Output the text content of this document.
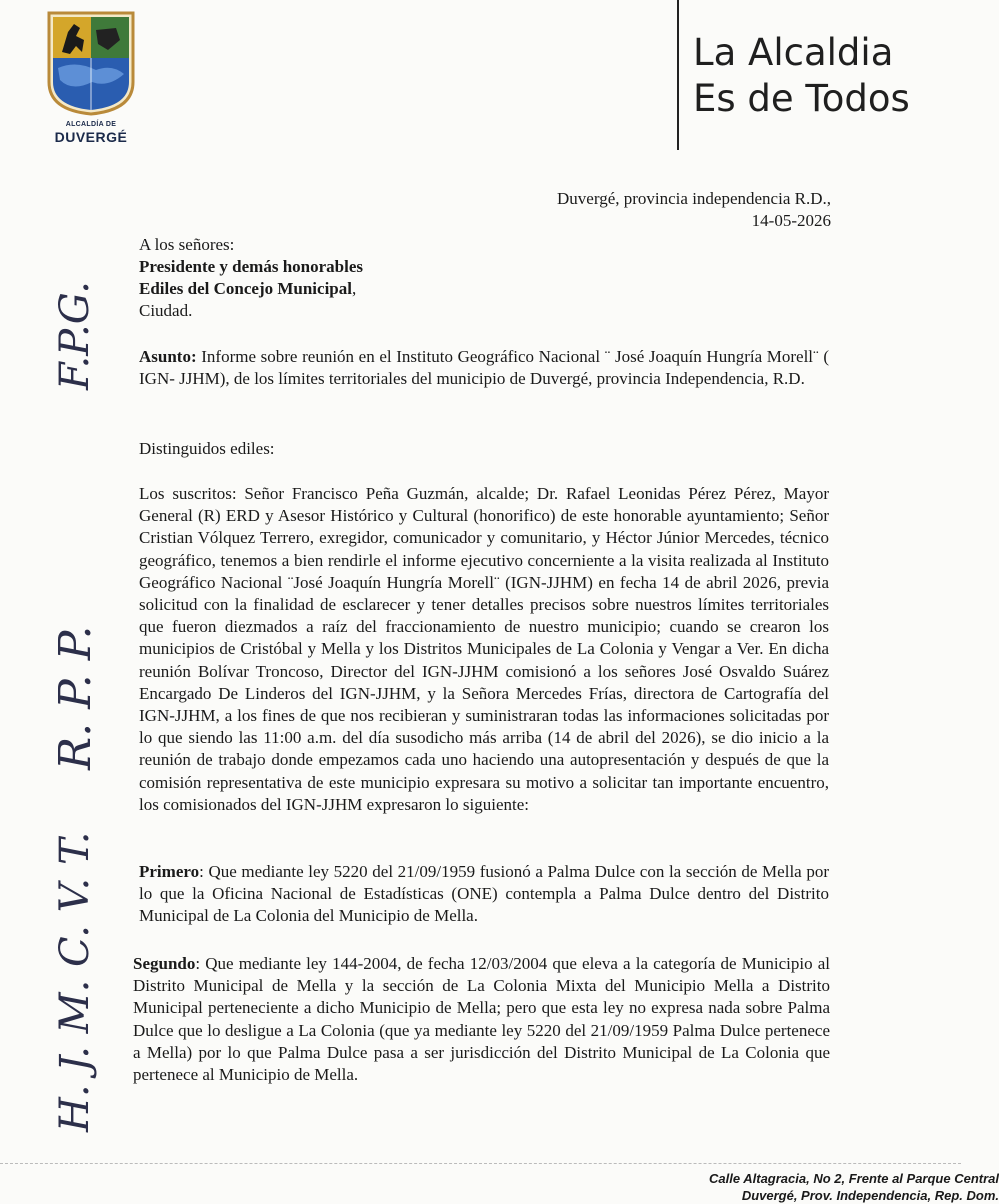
ALCALDÍA DE
DUVERGÉ
La Alcaldia
Es de Todos
Duvergé, provincia independencia R.D.,
14-05-2026
A los señores:
Presidente y demás honorables
Ediles del Concejo Municipal,
Ciudad.
Asunto: Informe sobre reunión en el Instituto Geográfico Nacional ¨ José Joaquín Hungría Morell¨ ( IGN- JJHM), de los límites territoriales del municipio de Duvergé, provincia Independencia, R.D.
Distinguidos ediles:
Los suscritos: Señor Francisco Peña Guzmán, alcalde; Dr. Rafael Leonidas Pérez Pérez, Mayor General (R) ERD y Asesor Histórico y Cultural (honorifico) de este honorable ayuntamiento; Señor Cristian Vólquez Terrero, exregidor, comunicador y comunitario, y Héctor Júnior Mercedes, técnico geográfico, tenemos a bien rendirle el informe ejecutivo concerniente a la visita realizada al Instituto Geográfico Nacional ¨José Joaquín Hungría Morell¨ (IGN-JJHM) en fecha 14 de abril 2026, previa solicitud con la finalidad de esclarecer y tener detalles precisos sobre nuestros límites territoriales que fueron diezmados a raíz del fraccionamiento de nuestro municipio; cuando se crearon los municipios de Cristóbal y Mella y los Distritos Municipales de La Colonia y Vengar a Ver. En dicha reunión Bolívar Troncoso, Director del IGN-JJHM comisionó a los señores José Osvaldo Suárez Encargado De Linderos del IGN-JJHM, y la Señora Mercedes Frías, directora de Cartografía del IGN-JJHM, a los fines de que nos recibieran y suministraran todas las informaciones solicitadas por lo que siendo las 11:00 a.m. del día susodicho más arriba (14 de abril del 2026), se dio inicio a la reunión de trabajo donde empezamos cada uno haciendo una autopresentación y después de que la comisión representativa de este municipio expresara su motivo a solicitar tan importante encuentro, los comisionados del IGN-JJHM expresaron lo siguiente:
Primero: Que mediante ley 5220 del 21/09/1959 fusionó a Palma Dulce con la sección de Mella por lo que la Oficina Nacional de Estadísticas (ONE) contempla a Palma Dulce dentro del Distrito Municipal de La Colonia del Municipio de Mella.
Segundo: Que mediante ley 144-2004, de fecha 12/03/2004 que eleva a la categoría de Municipio al Distrito Municipal de Mella y la sección de La Colonia Mixta del Municipio Mella a Distrito Municipal perteneciente a dicho Municipio de Mella; pero que esta ley no expresa nada sobre Palma Dulce que lo desligue a La Colonia (que ya mediante ley 5220 del 21/09/1959 Palma Dulce pertenece a Mella) por lo que Palma Dulce pasa a ser jurisdicción del Distrito Municipal de La Colonia que pertenece al Municipio de Mella.
F.P.G.
R. P. P.
H. J. M. C. V. T.
Calle Altagracia, No 2, Frente al Parque Central
Duvergé, Prov. Independencia, Rep. Dom.
